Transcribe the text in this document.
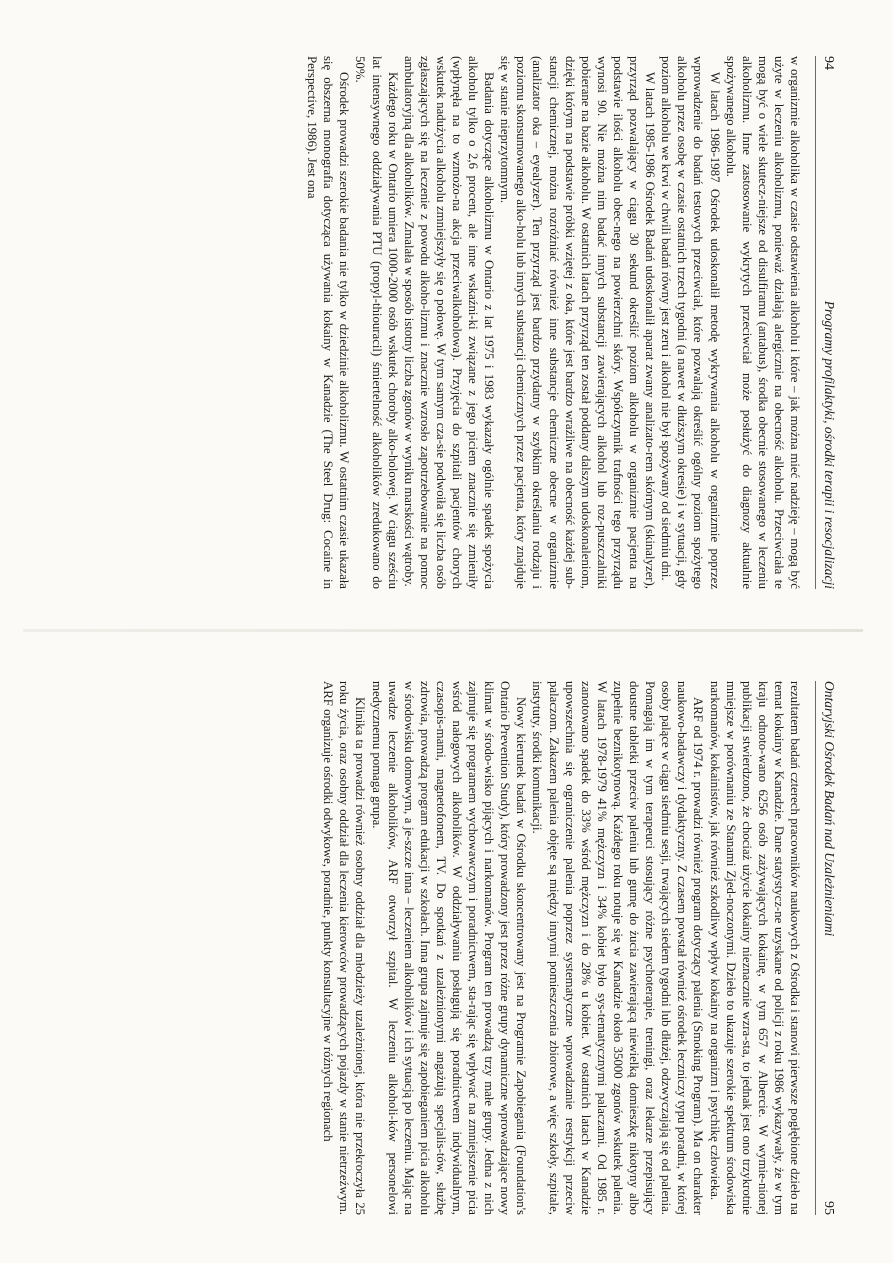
94
Programy profilaktyki, ośrodki terapii i resocjalizacji

w organizmie alkoholika w czasie odstawienia alkoholu i które – jak można mieć nadzieję – mogą być użyte w leczeniu alkoholizmu, ponieważ działają alergicznie na obecność alkoholu. Przeciwciała te mogą być o wiele skutecz-niejsze od disulfiramu (antabus), środka obecnie stosowanego w leczeniu alkoholizmu. Inne zastosowanie wykrytych przeciwciał może posłużyć do diagnozy aktualnie spożywanego alkoholu.

W latach 1986-1987 Ośrodek udoskonalił metodę wykrywania alkoholu w organizmie poprzez wprowadzenie do badań testowych przeciwciał, które pozwalają określić ogólny poziom spożytego alkoholu przez osobę w czasie ostatnich trzech tygodni (a nawet w dłuższym okresie) i w sytuacji, gdy poziom alkoholu we krwi w chwili badań równy jest zeru i alkohol nie był spożywany od siedmiu dni.

W latach 1985-1986 Ośrodek Badań udoskonalił aparat zwany analizato-rem skórnym (skinalyzer), przyrząd pozwalający w ciągu 30 sekund określić poziom alkoholu w organizmie pacjenta na podstawie ilości alkoholu obec-nego na powierzchni skóry. Współczynnik trafności tego przyrządu wynosi 90. Nie można nim badać innych substancji zawierających alkohol lub roz-puszczalniki pobierane na bazie alkoholu. W ostatnich latach przyrząd ten został poddany dalszym udoskonaleniom, dzięki którym na podstawie próbki wziętej z oka, które jest bardzo wrażliwe na obecność każdej sub-stancji chemicznej, można rozróżniać również inne substancje chemiczne obecne w organizmie (analizator oka – eyealyzer). Ten przyrząd jest bardzo przydatny w szybkim określaniu rodzaju i poziomu skonsumowanego alko-holu lub innych substancji chemicznych przez pacjenta, który znajduje się w stanie nieprzytomnym.

Badania dotyczące alkoholizmu w Ontario z lat 1975 i 1983 wykazały ogólnie spadek spożycia alkoholu tylko o 2,6 procent, ale inne wskaźni-ki związane z jego piciem znacznie się zmieniły (wpłynęła na to wzmożo-na akcja przeciwalkoholowa). Przyjęcia do szpitali pacjentów chorych wskutek nadużycia alkoholu zmniejszyły się o połowę. W tym samym cza-sie podwoiła się liczba osób zgłaszających się na leczenie z powodu alkoho-lizmu i znacznie wzrosło zapotrzebowanie na pomoc ambulatoryjną dla alkoholików. Zmalała w sposób istotny liczba zgonów w wyniku marskości wątroby.

Każdego roku w Ontario umiera 1000-2000 osób wskutek choroby alko-holowej. W ciągu sześciu lat intensywnego oddziaływania PTU (propyl-thiouracil) śmiertelność alkoholików zredukowano do 50%.

Ośrodek prowadzi szerokie badania nie tylko w dziedzinie alkoholizmu. W ostatnim czasie ukazała się obszerna monografia dotycząca używania kokainy w Kanadzie (The Steel Drug: Cocaine in Perspective, 1986). Jest ona

Ontaryjski Ośrodek Badań nad Uzależnieniami
95

rezultatem badań czterech pracowników naukowych z Ośrodka i stanowi pierwsze pogłębione dzieło na temat kokainy w Kanadzie. Dane statystycz-ne uzyskane od policji z roku 1986 wykazywały, że w tym kraju odnoto-wano 6256 osób zażywających kokainę, w tym 657 w Albercie. W wymie-nionej publikacji stwierdzono, że chociaż użycie kokainy nieznacznie wzra-sta, to jednak jest ono trzykrotnie mniejsze w porównaniu ze Stanami Zjed-noczonymi. Dzieło to ukazuje szerokie spektrum środowiska narkomanów, kokainistów, jak również szkodliwy wpływ kokainy na organizm i psychikę człowieka.

ARF od 1974 r. prowadzi również program dotyczący palenia (Smoking Program). Ma on charakter naukowo-badawczy i dydaktyczny. Z czasem powstał również ośrodek leczniczy typu poradni, w której osoby palące w ciągu siedmiu sesji, trwających siedem tygodni lub dłużej, odzwyczajają się od palenia. Pomagają im w tym terapeuci stosujący różne psychoterapie, treningi, oraz lekarze przepisujący doustne tabletki przeciw paleniu lub gumę do żucia zawierającą niewielką domieszkę nikotyny albo zupełnie beznikotynową. Każdego roku notuje się w Kanadzie około 35000 zgonów wskutek palenia. W latach 1978-1979 41% mężczyzn i 34% kobiet było sys-tematycznymi palaczami. Od 1985 r. zanotowano spadek do 33% wśród mężczyzn i do 28% u kobiet. W ostatnich latach w Kanadzie upowszechnia się ograniczenie palenia poprzez systematyczne wprowadzanie restrykcji przeciw palaczom. Zakazem palenia objęte są między innymi pomieszczenia zbiorowe, a więc szkoły, szpitale, instytuty, środki komunikacji.

Nowy kierunek badań w Ośrodku skoncentrowany jest na Programie Zapobiegania (Foundation's Ontario Prevention Study), który prowadzony jest przez różne grupy dynamiczne wprowadzające nowy klimat w środo-wisko pijących i narkomanów. Program ten prowadzą trzy małe grupy. Jedna z nich zajmuje się programem wychowawczym i poradnictwem, sta-rając się wpływać na zmniejszenie picia wśród nałogowych alkoholików. W oddziaływaniu posługują się poradnictwem indywidualnym, czasopis-mami, magnetofonem, TV. Do spotkań z uzależnionymi angażują specjalis-tów, służbę zdrowia, prowadzą program edukacji w szkołach. Inna grupa zajmuje się zapobieganiem picia alkoholu w środowisku domowym, a je-szcze inna – leczeniem alkoholików i ich sytuacją po leczeniu. Mając na uwadze leczenie alkoholików, ARF otworzył szpital. W leczeniu alkoholi-ków personelowi medycznemu pomaga grupa.

Klinika ta prowadzi również osobny oddział dla młodzieży uzależnionej, która nie przekroczyła 25 roku życia, oraz osobny oddział dla leczenia kierowców prowadzących pojazdy w stanie nietrzeźwym. ARF organizuje ośrodki odwykowe, poradnie, punkty konsultacyjne w różnych regionach
